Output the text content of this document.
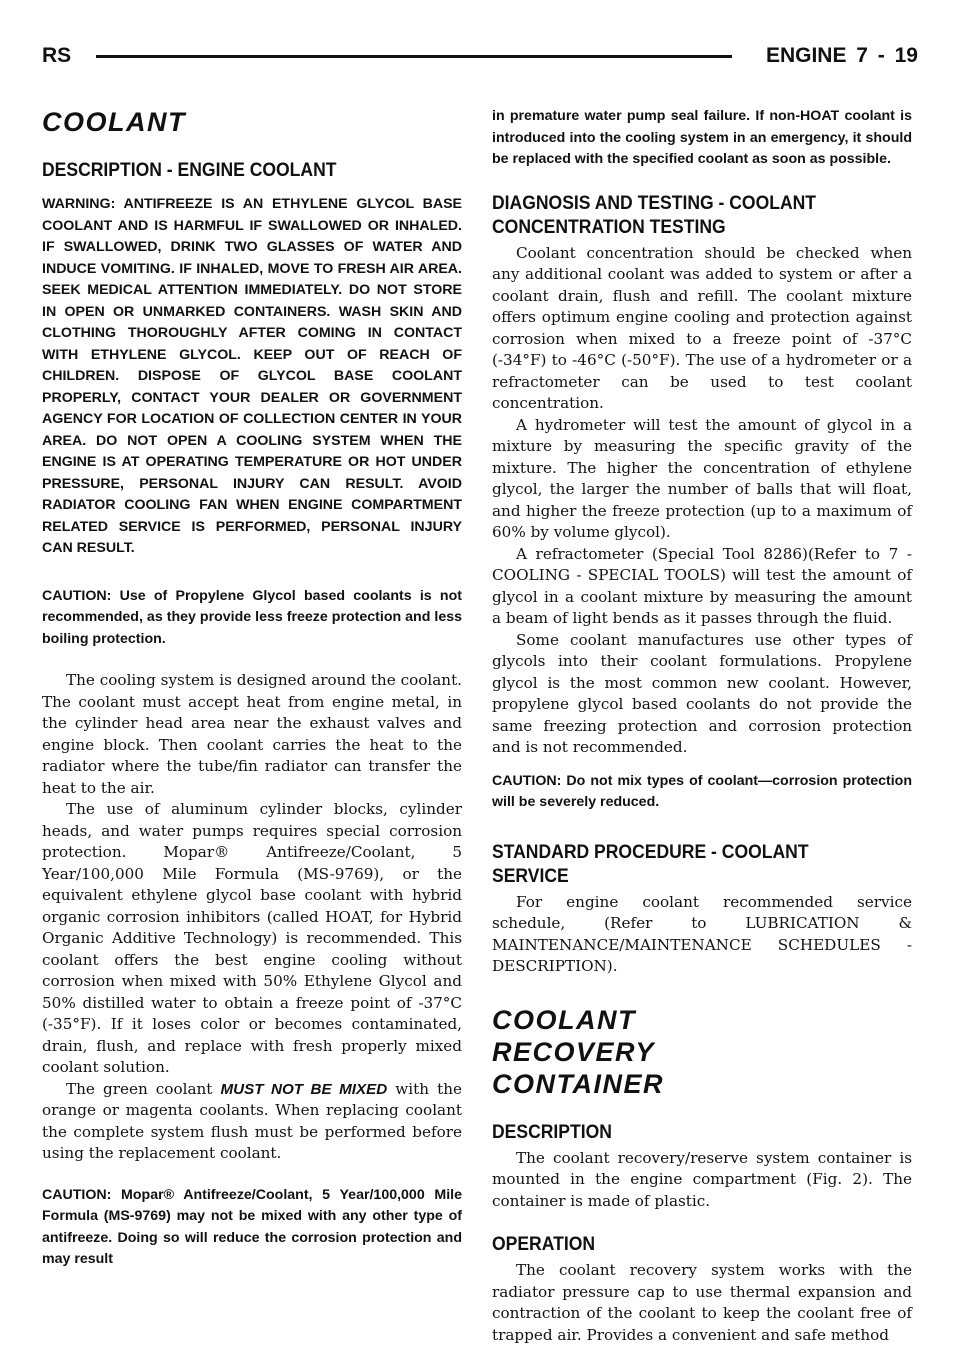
RS	ENGINE 7 - 19
COOLANT
DESCRIPTION - ENGINE COOLANT

WARNING: ANTIFREEZE IS AN ETHYLENE GLYCOL BASE COOLANT AND IS HARMFUL IF SWALLOWED OR INHALED. IF SWALLOWED, DRINK TWO GLASSES OF WATER AND INDUCE VOMITING. IF INHALED, MOVE TO FRESH AIR AREA. SEEK MEDICAL ATTENTION IMMEDIATELY. DO NOT STORE IN OPEN OR UNMARKED CONTAINERS. WASH SKIN AND CLOTHING THOROUGHLY AFTER COMING IN CONTACT WITH ETHYLENE GLYCOL. KEEP OUT OF REACH OF CHILDREN. DISPOSE OF GLYCOL BASE COOLANT PROPERLY, CONTACT YOUR DEALER OR GOVERNMENT AGENCY FOR LOCATION OF COLLECTION CENTER IN YOUR AREA. DO NOT OPEN A COOLING SYSTEM WHEN THE ENGINE IS AT OPERATING TEMPERATURE OR HOT UNDER PRESSURE, PERSONAL INJURY CAN RESULT. AVOID RADIATOR COOLING FAN WHEN ENGINE COMPARTMENT RELATED SERVICE IS PERFORMED, PERSONAL INJURY CAN RESULT.

CAUTION: Use of Propylene Glycol based coolants is not recommended, as they provide less freeze protection and less boiling protection.

The cooling system is designed around the coolant. The coolant must accept heat from engine metal, in the cylinder head area near the exhaust valves and engine block. Then coolant carries the heat to the radiator where the tube/fin radiator can transfer the heat to the air.

The use of aluminum cylinder blocks, cylinder heads, and water pumps requires special corrosion protection. Mopar® Antifreeze/Coolant, 5 Year/100,000 Mile Formula (MS-9769), or the equivalent ethylene glycol base coolant with hybrid organic corrosion inhibitors (called HOAT, for Hybrid Organic Additive Technology) is recommended. This coolant offers the best engine cooling without corrosion when mixed with 50% Ethylene Glycol and 50% distilled water to obtain a freeze point of -37°C (-35°F). If it loses color or becomes contaminated, drain, flush, and replace with fresh properly mixed coolant solution.

The green coolant MUST NOT BE MIXED with the orange or magenta coolants. When replacing coolant the complete system flush must be performed before using the replacement coolant.

CAUTION: Mopar® Antifreeze/Coolant, 5 Year/100,000 Mile Formula (MS-9769) may not be mixed with any other type of antifreeze. Doing so will reduce the corrosion protection and may result

in premature water pump seal failure. If non-HOAT coolant is introduced into the cooling system in an emergency, it should be replaced with the specified coolant as soon as possible.

DIAGNOSIS AND TESTING - COOLANT CONCENTRATION TESTING

Coolant concentration should be checked when any additional coolant was added to system or after a coolant drain, flush and refill. The coolant mixture offers optimum engine cooling and protection against corrosion when mixed to a freeze point of -37°C (-34°F) to -46°C (-50°F). The use of a hydrometer or a refractometer can be used to test coolant concentration.

A hydrometer will test the amount of glycol in a mixture by measuring the specific gravity of the mixture. The higher the concentration of ethylene glycol, the larger the number of balls that will float, and higher the freeze protection (up to a maximum of 60% by volume glycol).

A refractometer (Special Tool 8286)(Refer to 7 - COOLING - SPECIAL TOOLS) will test the amount of glycol in a coolant mixture by measuring the amount a beam of light bends as it passes through the fluid.

Some coolant manufactures use other types of glycols into their coolant formulations. Propylene glycol is the most common new coolant. However, propylene glycol based coolants do not provide the same freezing protection and corrosion protection and is not recommended.

CAUTION: Do not mix types of coolant—corrosion protection will be severely reduced.

STANDARD PROCEDURE - COOLANT SERVICE

For engine coolant recommended service schedule, (Refer to LUBRICATION & MAINTENANCE/MAINTENANCE SCHEDULES - DESCRIPTION).

COOLANT RECOVERY CONTAINER
DESCRIPTION

The coolant recovery/reserve system container is mounted in the engine compartment (Fig. 2). The container is made of plastic.

OPERATION

The coolant recovery system works with the radiator pressure cap to use thermal expansion and contraction of the coolant to keep the coolant free of trapped air. Provides a convenient and safe method
